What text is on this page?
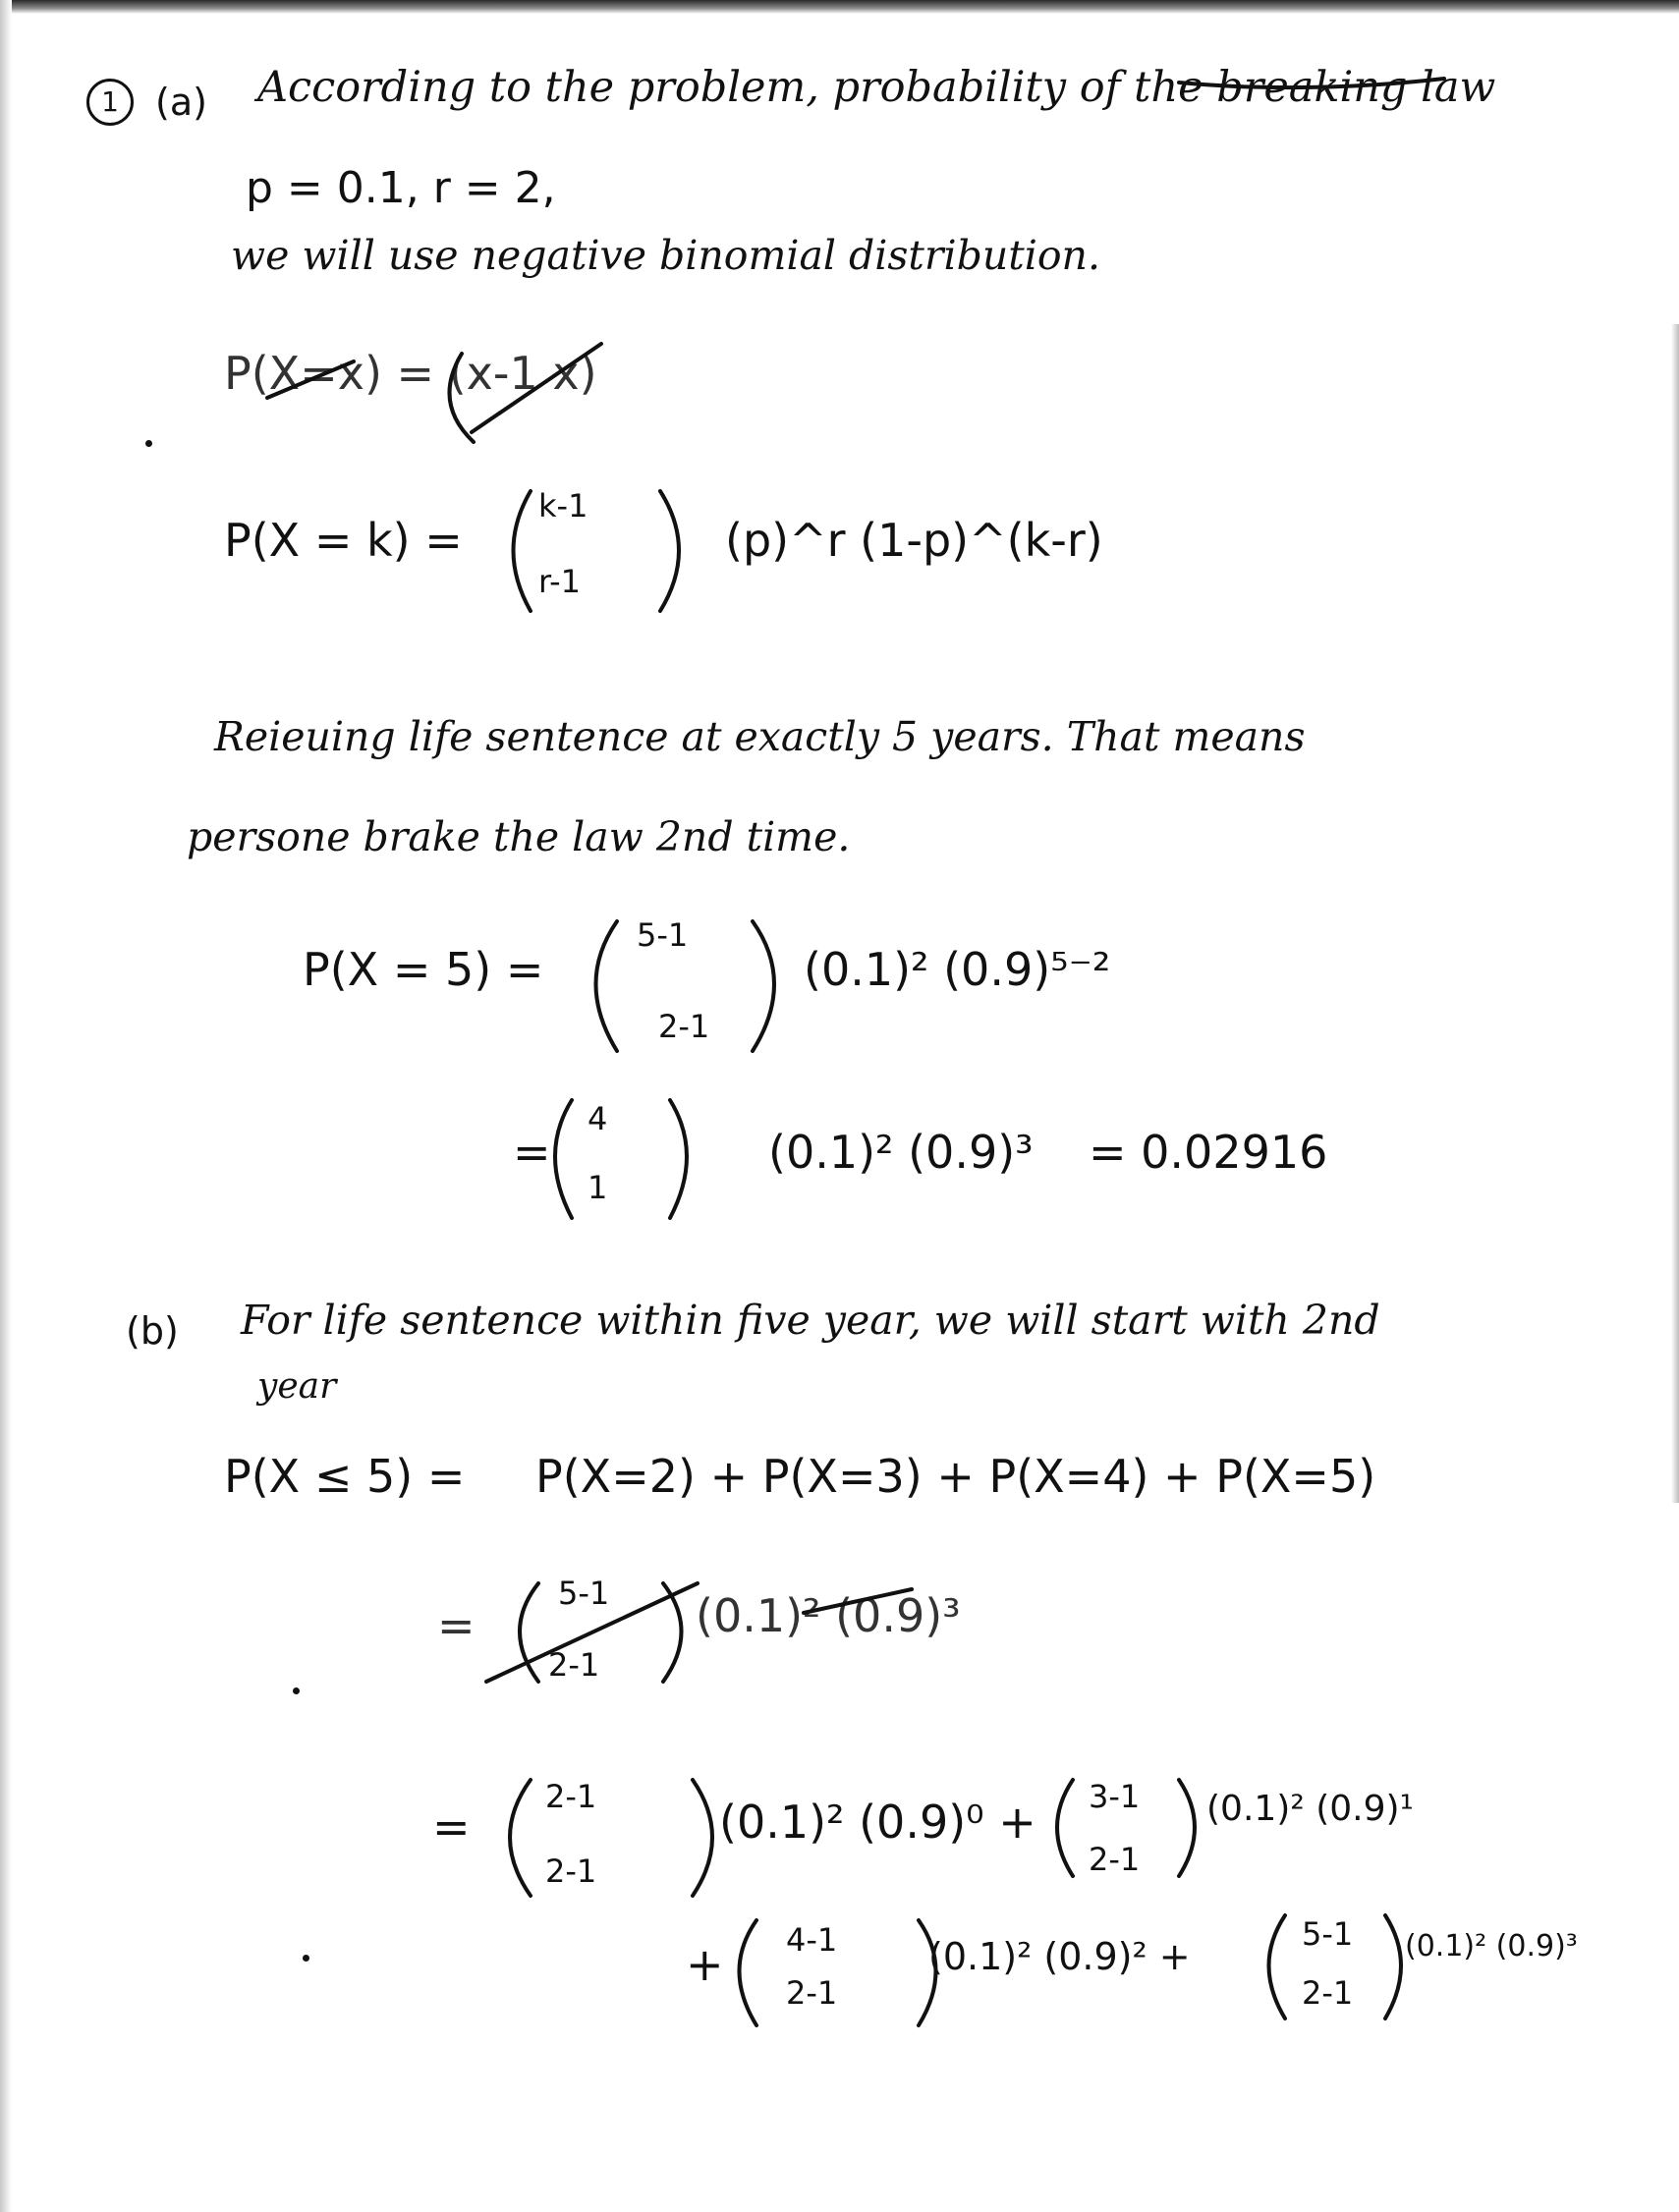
1 (a) According to the problem, probability of the breaking law
p = 0.1, r = 2,
we will use negative binomial distribution.
P(X=x) = (x-1 x)
P(X = k) =
k-1
r-1
(p)^r (1-p)^(k-r)
Reieuing life sentence at exactly 5 years. That means
persone brake the law 2nd time.
P(X = 5) =
5-1
2-1
(0.1)² (0.9)⁵⁻²
=
4
1
(0.1)² (0.9)³ = 0.02916
(b) For life sentence within five year, we will start with 2nd
year
P(X ≤ 5) = P(X=2) + P(X=3) + P(X=4) + P(X=5)
=
5-1
2-1
(0.1)² (0.9)³
=
2-1
2-1
(0.1)² (0.9)⁰ + 3-1
2-1
(0.1)² (0.9)¹
+ 4-1
2-1
(0.1)² (0.9)² +
5-1
2-1
(0.1)² (0.9)³
